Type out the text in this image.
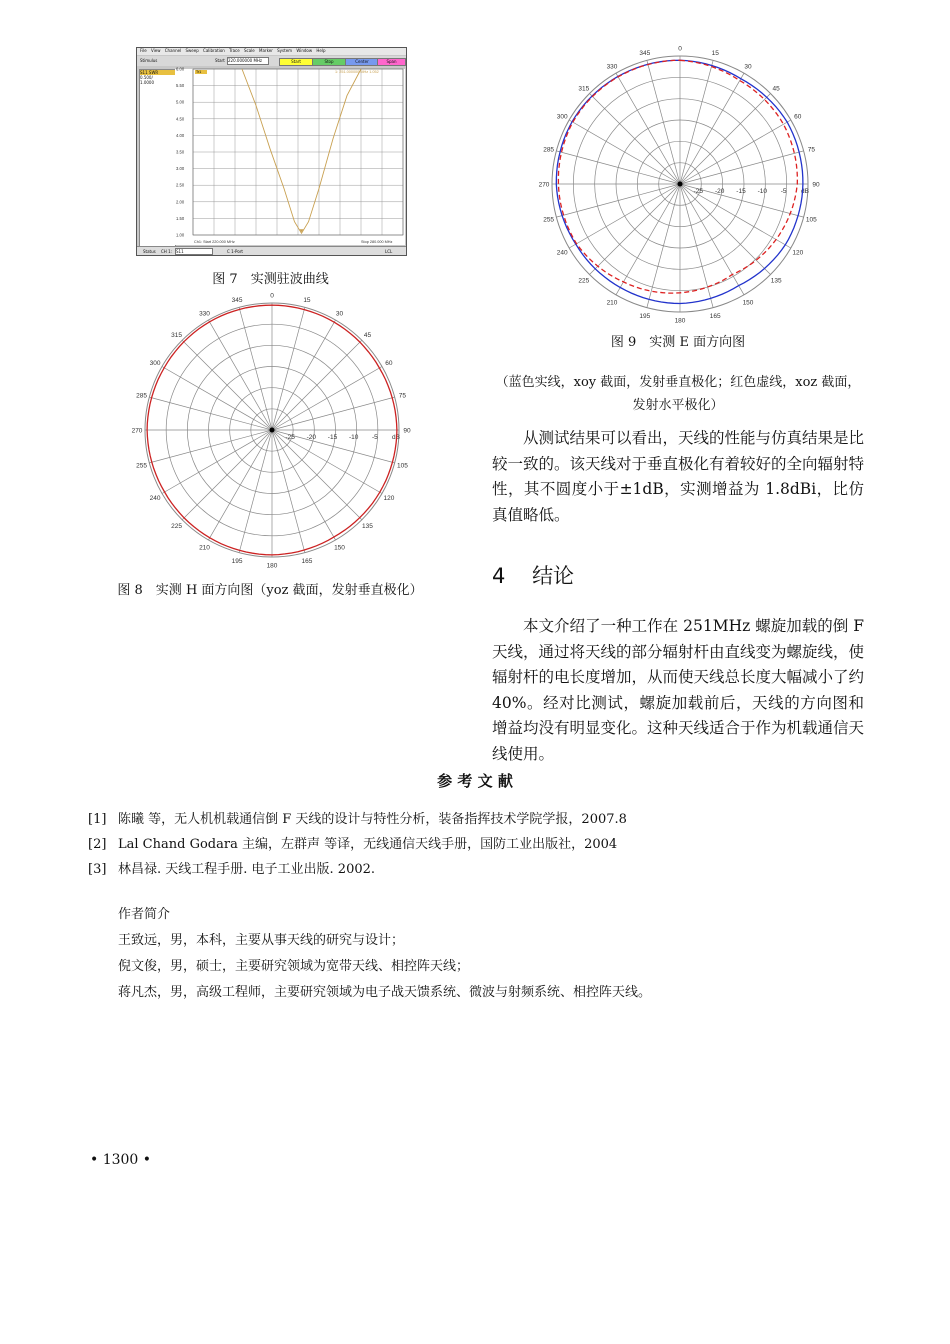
File View Channel Sweep Calibration Trace Scale Marker System Window Help
Stimulus	Start 220.000000 MHz	Start	Stop	Center	Span
S11 SWR
0.500/
1.0000
6.00
5.50
5.00
4.50
4.00
3.50
3.00
2.50
2.00
1.50
1.00
1: 251.000000 MHz 1.052
Tr1
Ch1: Start 220.000 MHz	Stop 280.000 MHz
Status CH 1: S11	C 1-Port	LCL
图 7　实测驻波曲线
0
15
30
45
60
75
90
105
120
135
150
165
180
195
210
225
240
255
270
285
300
315
330
345
-25 -20 -15 -10 -5 dB
图 8　实测 H 面方向图（yoz 截面，发射垂直极化）
0
15
30
45
60
75
90
105
120
135
150
165
180
195
210
225
240
255
270
285
300
315
330
345
-25 -20 -15 -10 -5 dB
图 9　实测 E 面方向图
（蓝色实线，xoy 截面，发射垂直极化；红色虚线，xoz 截面，
发射水平极化）

从测试结果可以看出，天线的性能与仿真结果是比较一致的。该天线对于垂直极化有着较好的全向辐射特性，其不圆度小于±1dB，实测增益为 1.8dBi，比仿真值略低。

4 结论

本文介绍了一种工作在 251MHz 螺旋加载的倒 F 天线，通过将天线的部分辐射杆由直线变为螺旋线，使辐射杆的电长度增加，从而使天线总长度大幅减小了约 40%。经对比测试，螺旋加载前后，天线的方向图和增益均没有明显变化。这种天线适合于作为机载通信天线使用。

参 考 文 献
[1] 陈曦 等，无人机机载通信倒 F 天线的设计与特性分析，装备指挥技术学院学报，2007.8
[2] Lal Chand Godara 主编，左群声 等译，无线通信天线手册，国防工业出版社，2004
[3] 林昌禄. 天线工程手册. 电子工业出版. 2002.
作者简介
王致远，男，本科，主要从事天线的研究与设计；
倪文俊，男，硕士，主要研究领域为宽带天线、相控阵天线；
蒋凡杰，男，高级工程师，主要研究领域为电子战天馈系统、微波与射频系统、相控阵天线。
• 1300 •
